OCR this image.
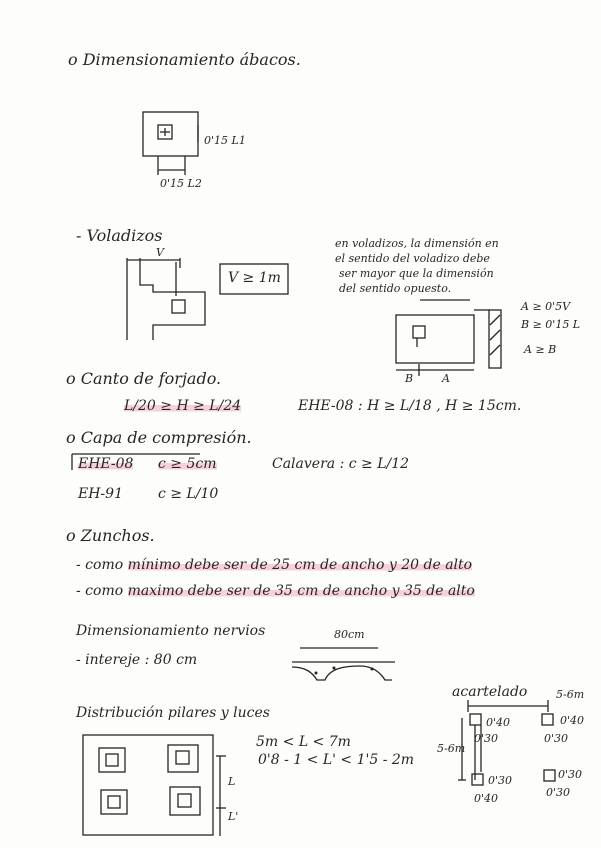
o Dimensionamiento ábacos.
0'15 L1
0'15 L2
- Voladizos
V
V ≥ 1m
en voladizos, la dimensión en
el sentido del voladizo debe
ser mayor que la dimensión
del sentido opuesto.
A ≥ 0'5V
B ≥ 0'15 L
A ≥ B
B	A
o Canto de forjado.
L/20 ≥ H ≥ L/24	EHE-08 : H ≥ L/18 , H ≥ 15cm.
o Capa de compresión.
EHE-08 c ≥ 5cm	Calavera : c ≥ L/12
EH-91	c ≥ L/10
o Zunchos.
- como mínimo debe ser de 25 cm de ancho y 20 de alto
- como maximo debe ser de 35 cm de ancho y 35 de alto
Dimensionamiento nervios	80cm
- intereje : 80 cm
Distribución pilares y luces
5m < L < 7m
0'8 - 1 < L' < 1'5 - 2m
L
L'
acartelado	5-6m
5-6m
0'40
0'30
0'40
0'30
0'30
0'40
0'30
0'30
